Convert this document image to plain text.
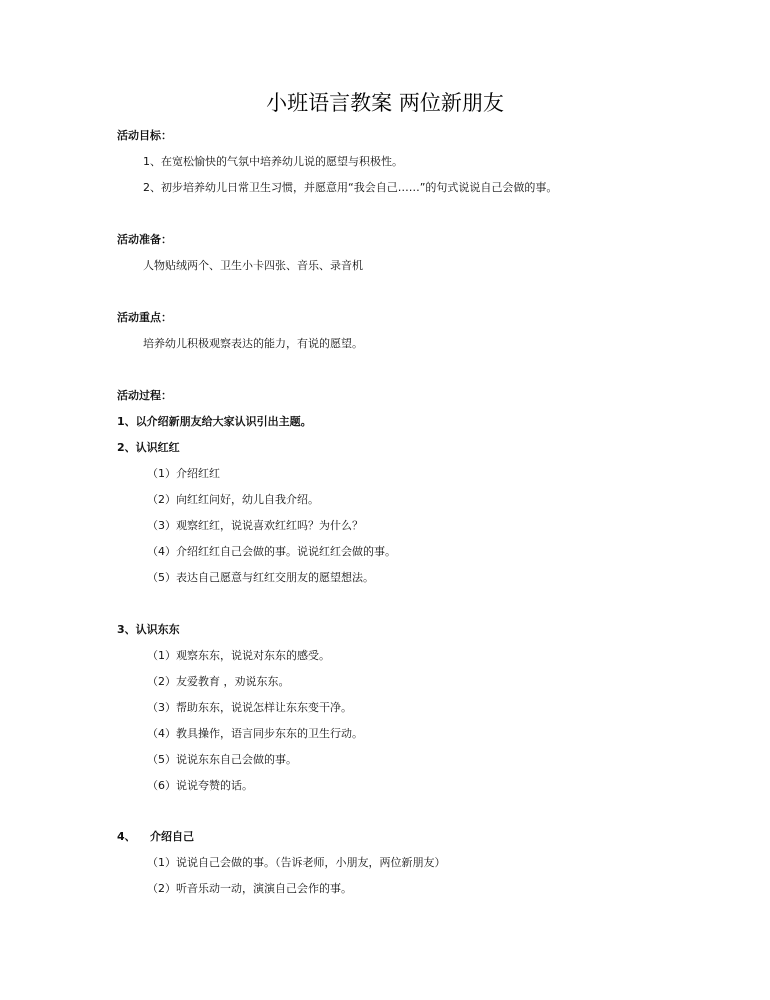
小班语言教案 两位新朋友
活动目标：
1、在宽松愉快的气氛中培养幼儿说的愿望与积极性。
2、初步培养幼儿日常卫生习惯，并愿意用“我会自己……”的句式说说自己会做的事。
活动准备：
人物贴绒两个、卫生小卡四张、音乐、录音机
活动重点：
培养幼儿积极观察表达的能力，有说的愿望。
活动过程：
1、以介绍新朋友给大家认识引出主题。
2、认识红红
（1）介绍红红
（2）向红红问好，幼儿自我介绍。
（3）观察红红，说说喜欢红红吗？为什么？
（4）介绍红红自己会做的事。说说红红会做的事。
（5）表达自己愿意与红红交朋友的愿望想法。
3、认识东东
（1）观察东东，说说对东东的感受。
（2）友爱教育 ，劝说东东。
（3）帮助东东，说说怎样让东东变干净。
（4）教具操作，语言同步东东的卫生行动。
（5）说说东东自己会做的事。
（6）说说夸赞的话。
4、 介绍自己
（1）说说自己会做的事。（告诉老师，小朋友，两位新朋友）
（2）听音乐动一动，演演自己会作的事。
